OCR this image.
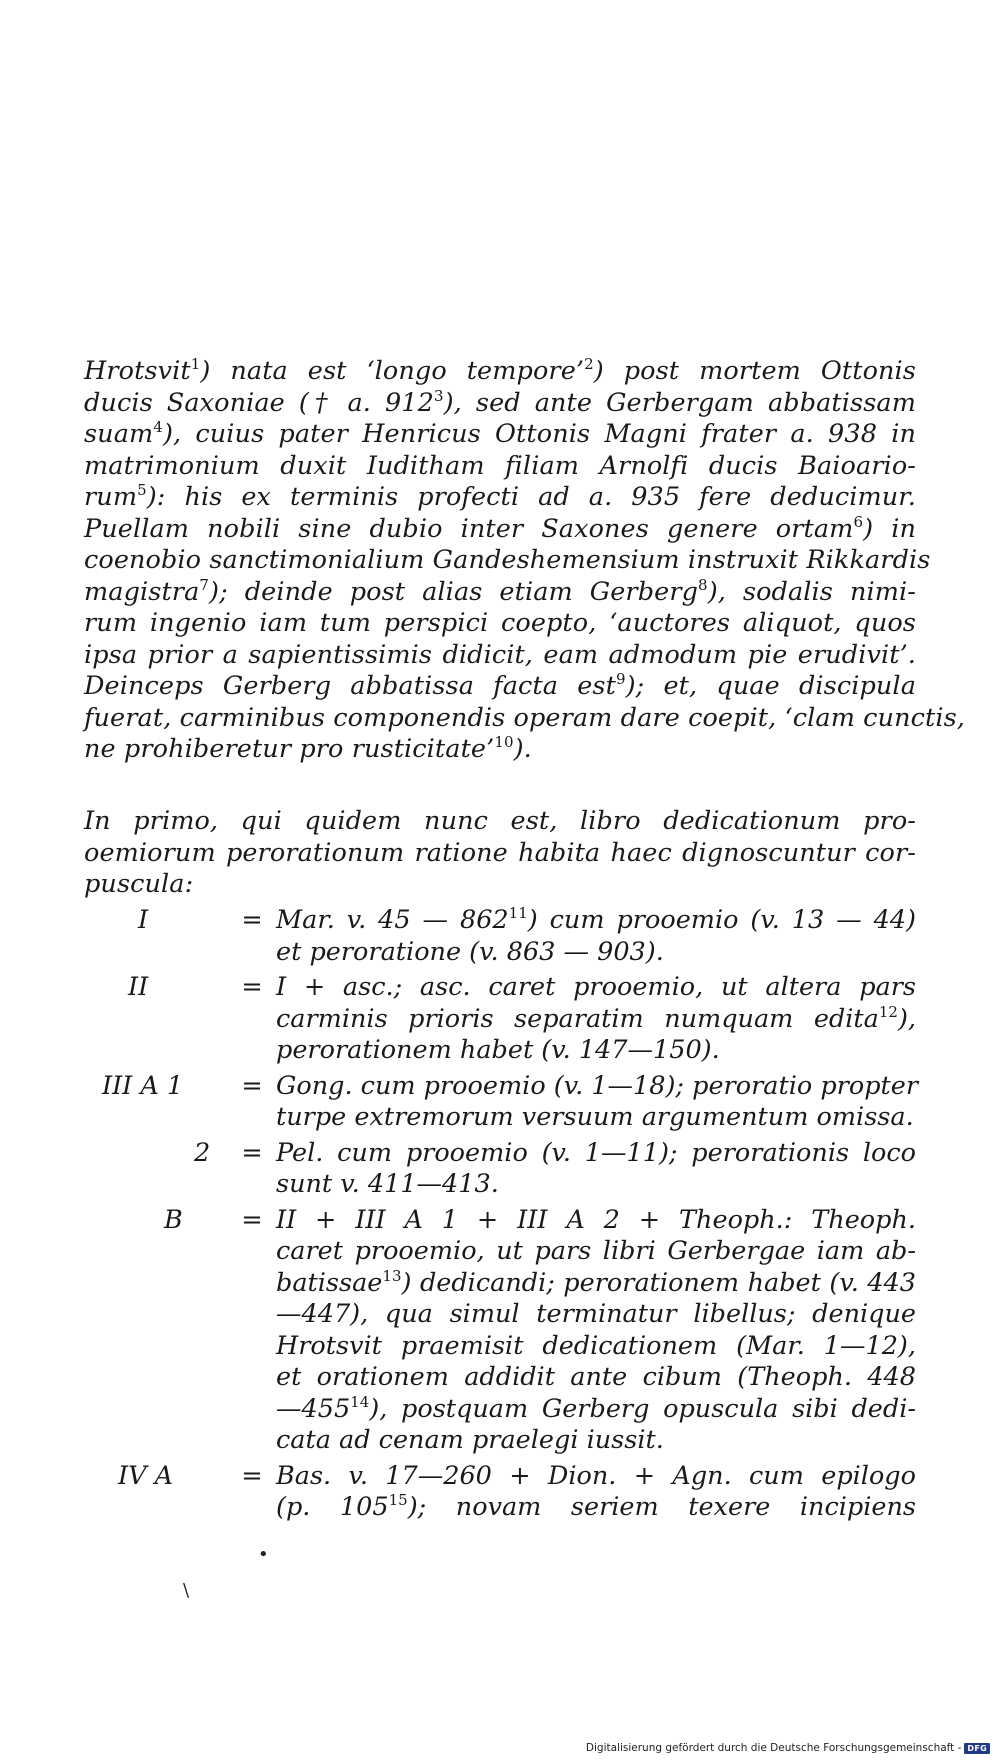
Hrotsvit$^1$) nata est ‘longo tempore’$^2$) post mortem Ottonis
ducis Saxoniae († a. $912^3$), sed ante Gerbergam abbatissam
suam$^4$), cuius pater Henricus Ottonis Magni frater a. 938 in
matrimonium duxit Iuditham filiam Arnolfi ducis Baioario-
rum$^5$): his ex terminis profecti ad a. 935 fere deducimur.
Puellam nobili sine dubio inter Saxones genere ortam$^6$) in
coenobio sanctimonialium Gandeshemensium instruxit Rikkardis
magistra$^7$); deinde post alias etiam Gerberg$^8$), sodalis nimi-
rum ingenio iam tum perspici coepto, ‘auctores aliquot, quos
ipsa prior a sapientissimis didicit, eam admodum pie erudivit’.
Deinceps Gerberg abbatissa facta est$^9$); et, quae discipula
fuerat, carminibus componendis operam dare coepit, ‘clam cunctis,
ne prohiberetur pro rusticitate’$^{10}$).
In primo, qui quidem nunc est, libro dedicationum pro-
oemiorum perorationum ratione habita haec dignoscuntur cor-
puscula:
I	= Mar. v. 45 — $862^{11}$) cum prooemio (v. 13 — 44)
et peroratione (v. 863 — 903).
II	= I + asc.; asc. caret prooemio, ut altera pars
carminis prioris separatim numquam edita$^{12}$),
perorationem habet (v. 147—150).
III A 1	= Gong. cum prooemio (v. 1—18); peroratio propter
turpe extremorum versuum argumentum omissa.
2	= Pel. cum prooemio (v. 1—11); perorationis loco
sunt v. 411—413.
B	= II + III A 1 + III A 2 + Theoph.: Theoph.
caret prooemio, ut pars libri Gerbergae iam ab-
batissae$^{13}$) dedicandi; perorationem habet (v. 443
—447), qua simul terminatur libellus; denique
Hrotsvit praemisit dedicationem (Mar. 1—12),
et orationem addidit ante cibum (Theoph. 448
$—455^{14}$), postquam Gerberg opuscula sibi dedi-
cata ad cenam praelegi iussit.
IV A	= Bas. v. 17—260 + Dion. + Agn. cum epilogo
(p. $105^{15}$); novam seriem texere incipiens
•
\
Digitalisierung gefördert durch die Deutsche Forschungsgemeinschaft - DFG
